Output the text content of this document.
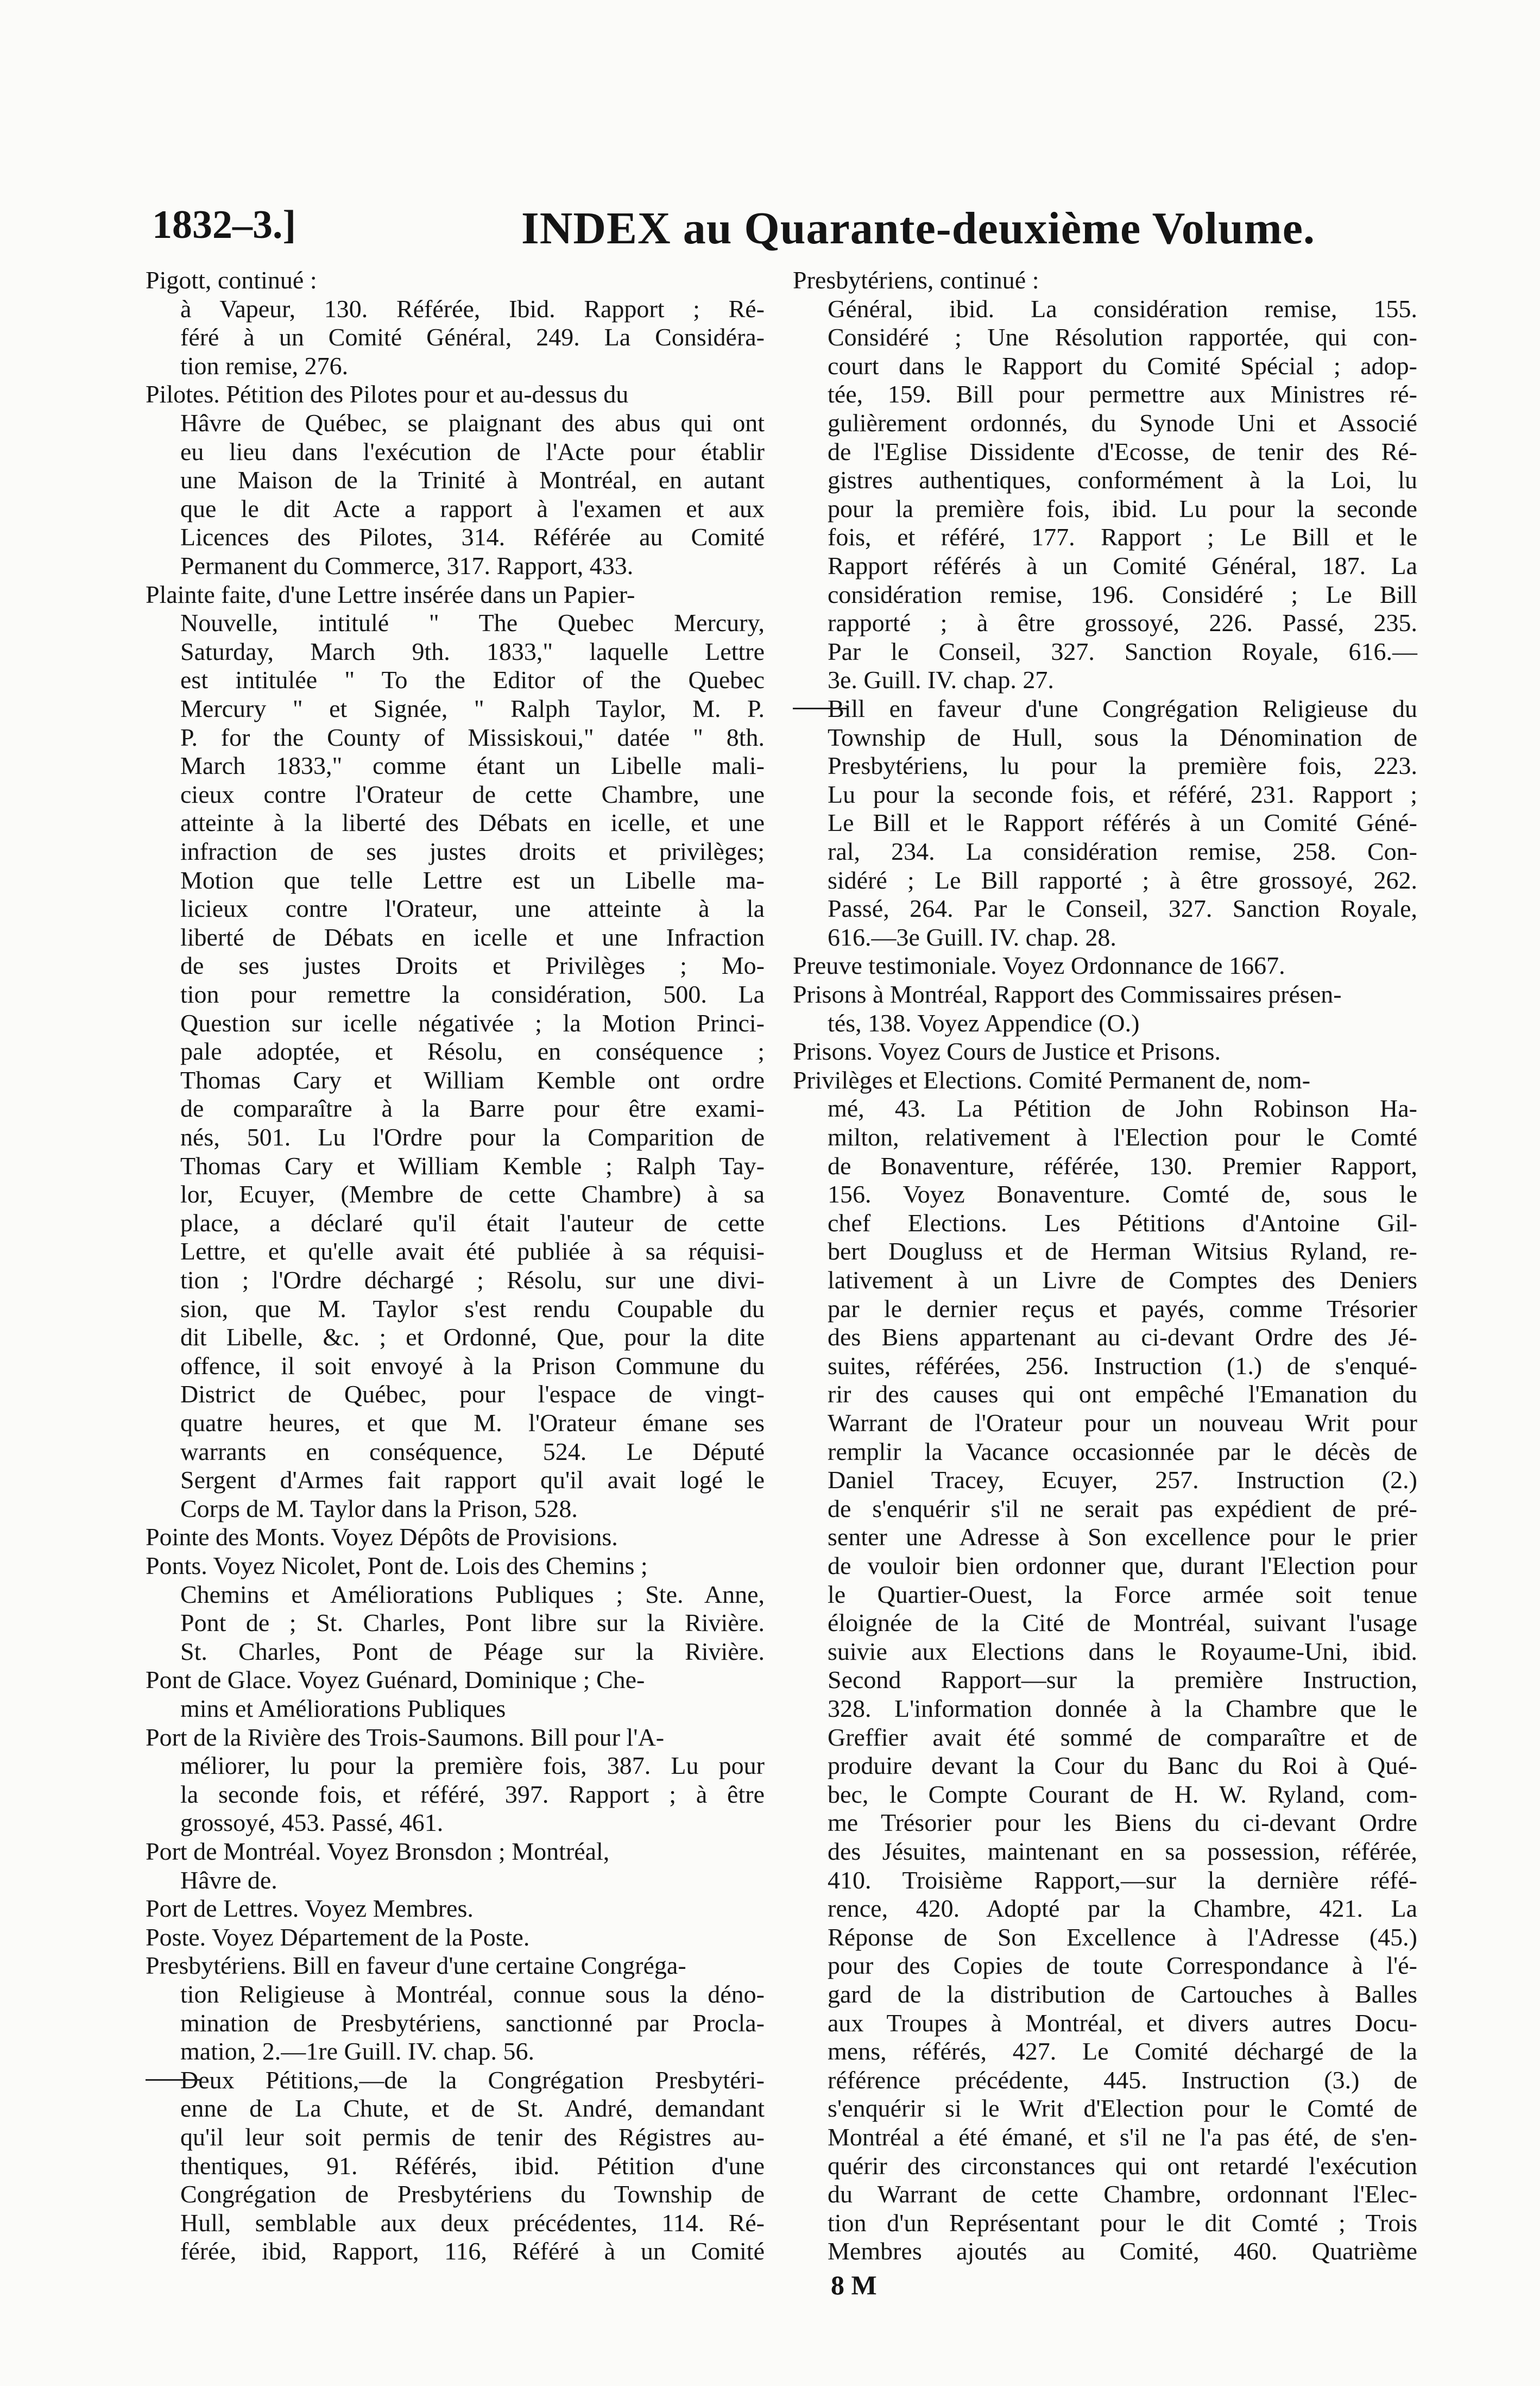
1832–3.]	INDEX au Quarante-deuxième Volume.
Pigott, continué :
à Vapeur, 130. Référée, Ibid. Rapport ; Ré-
féré à un Comité Général, 249. La Considéra-
tion remise, 276.
Pilotes. Pétition des Pilotes pour et au-dessus du
Hâvre de Québec, se plaignant des abus qui ont
eu lieu dans l'exécution de l'Acte pour établir
une Maison de la Trinité à Montréal, en autant
que le dit Acte a rapport à l'examen et aux
Licences des Pilotes, 314. Référée au Comité
Permanent du Commerce, 317. Rapport, 433.
Plainte faite, d'une Lettre insérée dans un Papier-
Nouvelle, intitulé " The Quebec Mercury,
Saturday, March 9th. 1833," laquelle Lettre
est intitulée " To the Editor of the Quebec
Mercury " et Signée, " Ralph Taylor, M. P.
P. for the County of Missiskoui," datée " 8th.
March 1833," comme étant un Libelle mali-
cieux contre l'Orateur de cette Chambre, une
atteinte à la liberté des Débats en icelle, et une
infraction de ses justes droits et privilèges;
Motion que telle Lettre est un Libelle ma-
licieux contre l'Orateur, une atteinte à la
liberté de Débats en icelle et une Infraction
de ses justes Droits et Privilèges ; Mo-
tion pour remettre la considération, 500. La
Question sur icelle négativée ; la Motion Princi-
pale adoptée, et Résolu, en conséquence ;
Thomas Cary et William Kemble ont ordre
de comparaître à la Barre pour être exami-
nés, 501. Lu l'Ordre pour la Comparition de
Thomas Cary et William Kemble ; Ralph Tay-
lor, Ecuyer, (Membre de cette Chambre) à sa
place, a déclaré qu'il était l'auteur de cette
Lettre, et qu'elle avait été publiée à sa réquisi-
tion ; l'Ordre déchargé ; Résolu, sur une divi-
sion, que M. Taylor s'est rendu Coupable du
dit Libelle, &c. ; et Ordonné, Que, pour la dite
offence, il soit envoyé à la Prison Commune du
District de Québec, pour l'espace de vingt-
quatre heures, et que M. l'Orateur émane ses
warrants en conséquence, 524. Le Député
Sergent d'Armes fait rapport qu'il avait logé le
Corps de M. Taylor dans la Prison, 528.
Pointe des Monts. Voyez Dépôts de Provisions.
Ponts. Voyez Nicolet, Pont de. Lois des Chemins ;
Chemins et Améliorations Publiques ; Ste. Anne,
Pont de ; St. Charles, Pont libre sur la Rivière.
St. Charles, Pont de Péage sur la Rivière.
Pont de Glace. Voyez Guénard, Dominique ; Che-
mins et Améliorations Publiques
Port de la Rivière des Trois-Saumons. Bill pour l'A-
méliorer, lu pour la première fois, 387. Lu pour
la seconde fois, et référé, 397. Rapport ; à être
grossoyé, 453. Passé, 461.
Port de Montréal. Voyez Bronsdon ; Montréal,
Hâvre de.
Port de Lettres. Voyez Membres.
Poste. Voyez Département de la Poste.
Presbytériens. Bill en faveur d'une certaine Congréga-
tion Religieuse à Montréal, connue sous la déno-
mination de Presbytériens, sanctionné par Procla-
mation, 2.—1re Guill. IV. chap. 56.
Deux Pétitions,—de la Congrégation Presbytéri-
enne de La Chute, et de St. André, demandant
qu'il leur soit permis de tenir des Régistres au-
thentiques, 91. Référés, ibid. Pétition d'une
Congrégation de Presbytériens du Township de
Hull, semblable aux deux précédentes, 114. Ré-
férée, ibid, Rapport, 116, Référé à un Comité
Presbytériens, continué :
Général, ibid. La considération remise, 155.
Considéré ; Une Résolution rapportée, qui con-
court dans le Rapport du Comité Spécial ; adop-
tée, 159. Bill pour permettre aux Ministres ré-
gulièrement ordonnés, du Synode Uni et Associé
de l'Eglise Dissidente d'Ecosse, de tenir des Ré-
gistres authentiques, conformément à la Loi, lu
pour la première fois, ibid. Lu pour la seconde
fois, et référé, 177. Rapport ; Le Bill et le
Rapport référés à un Comité Général, 187. La
considération remise, 196. Considéré ; Le Bill
rapporté ; à être grossoyé, 226. Passé, 235.
Par le Conseil, 327. Sanction Royale, 616.—
3e. Guill. IV. chap. 27.
Bill en faveur d'une Congrégation Religieuse du
Township de Hull, sous la Dénomination de
Presbytériens, lu pour la première fois, 223.
Lu pour la seconde fois, et référé, 231. Rapport ;
Le Bill et le Rapport référés à un Comité Géné-
ral, 234. La considération remise, 258. Con-
sidéré ; Le Bill rapporté ; à être grossoyé, 262.
Passé, 264. Par le Conseil, 327. Sanction Royale,
616.—3e Guill. IV. chap. 28.
Preuve testimoniale. Voyez Ordonnance de 1667.
Prisons à Montréal, Rapport des Commissaires présen-
tés, 138. Voyez Appendice (O.)
Prisons. Voyez Cours de Justice et Prisons.
Privilèges et Elections. Comité Permanent de, nom-
mé, 43. La Pétition de John Robinson Ha-
milton, relativement à l'Election pour le Comté
de Bonaventure, référée, 130. Premier Rapport,
156. Voyez Bonaventure. Comté de, sous le
chef Elections. Les Pétitions d'Antoine Gil-
bert Dougluss et de Herman Witsius Ryland, re-
lativement à un Livre de Comptes des Deniers
par le dernier reçus et payés, comme Trésorier
des Biens appartenant au ci-devant Ordre des Jé-
suites, référées, 256. Instruction (1.) de s'enqué-
rir des causes qui ont empêché l'Emanation du
Warrant de l'Orateur pour un nouveau Writ pour
remplir la Vacance occasionnée par le décès de
Daniel Tracey, Ecuyer, 257. Instruction (2.)
de s'enquérir s'il ne serait pas expédient de pré-
senter une Adresse à Son excellence pour le prier
de vouloir bien ordonner que, durant l'Election pour
le Quartier-Ouest, la Force armée soit tenue
éloignée de la Cité de Montréal, suivant l'usage
suivie aux Elections dans le Royaume-Uni, ibid.
Second Rapport—sur la première Instruction,
328. L'information donnée à la Chambre que le
Greffier avait été sommé de comparaître et de
produire devant la Cour du Banc du Roi à Qué-
bec, le Compte Courant de H. W. Ryland, com-
me Trésorier pour les Biens du ci-devant Ordre
des Jésuites, maintenant en sa possession, référée,
410. Troisième Rapport,—sur la dernière réfé-
rence, 420. Adopté par la Chambre, 421. La
Réponse de Son Excellence à l'Adresse (45.)
pour des Copies de toute Correspondance à l'é-
gard de la distribution de Cartouches à Balles
aux Troupes à Montréal, et divers autres Docu-
mens, référés, 427. Le Comité déchargé de la
référence précédente, 445. Instruction (3.) de
s'enquérir si le Writ d'Election pour le Comté de
Montréal a été émané, et s'il ne l'a pas été, de s'en-
quérir des circonstances qui ont retardé l'exécution
du Warrant de cette Chambre, ordonnant l'Elec-
tion d'un Représentant pour le dit Comté ; Trois
Membres ajoutés au Comité, 460. Quatrième
8 M
